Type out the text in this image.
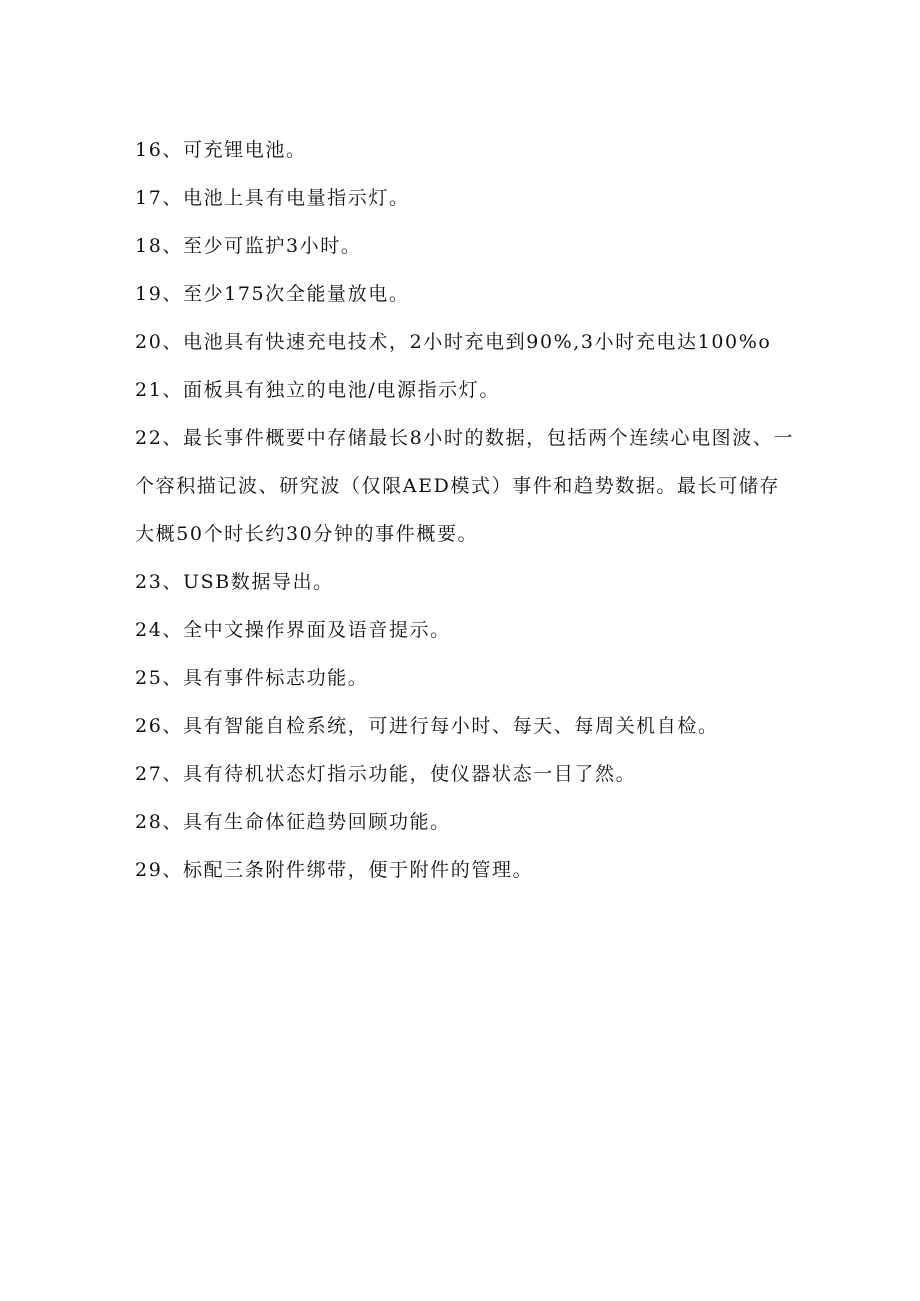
16、可充锂电池。
17、电池上具有电量指示灯。
18、至少可监护3小时。
19、至少175次全能量放电。
20、电池具有快速充电技术，2小时充电到90%,3小时充电达100%o
21、面板具有独立的电池/电源指示灯。
22、最长事件概要中存储最长8小时的数据，包括两个连续心电图波、一个容积描记波、研究波（仅限AED模式）事件和趋势数据。最长可储存大概50个时长约30分钟的事件概要。
23、USB数据导出。
24、全中文操作界面及语音提示。
25、具有事件标志功能。
26、具有智能自检系统，可进行每小时、每天、每周关机自检。
27、具有待机状态灯指示功能，使仪器状态一目了然。
28、具有生命体征趋势回顾功能。
29、标配三条附件绑带，便于附件的管理。
